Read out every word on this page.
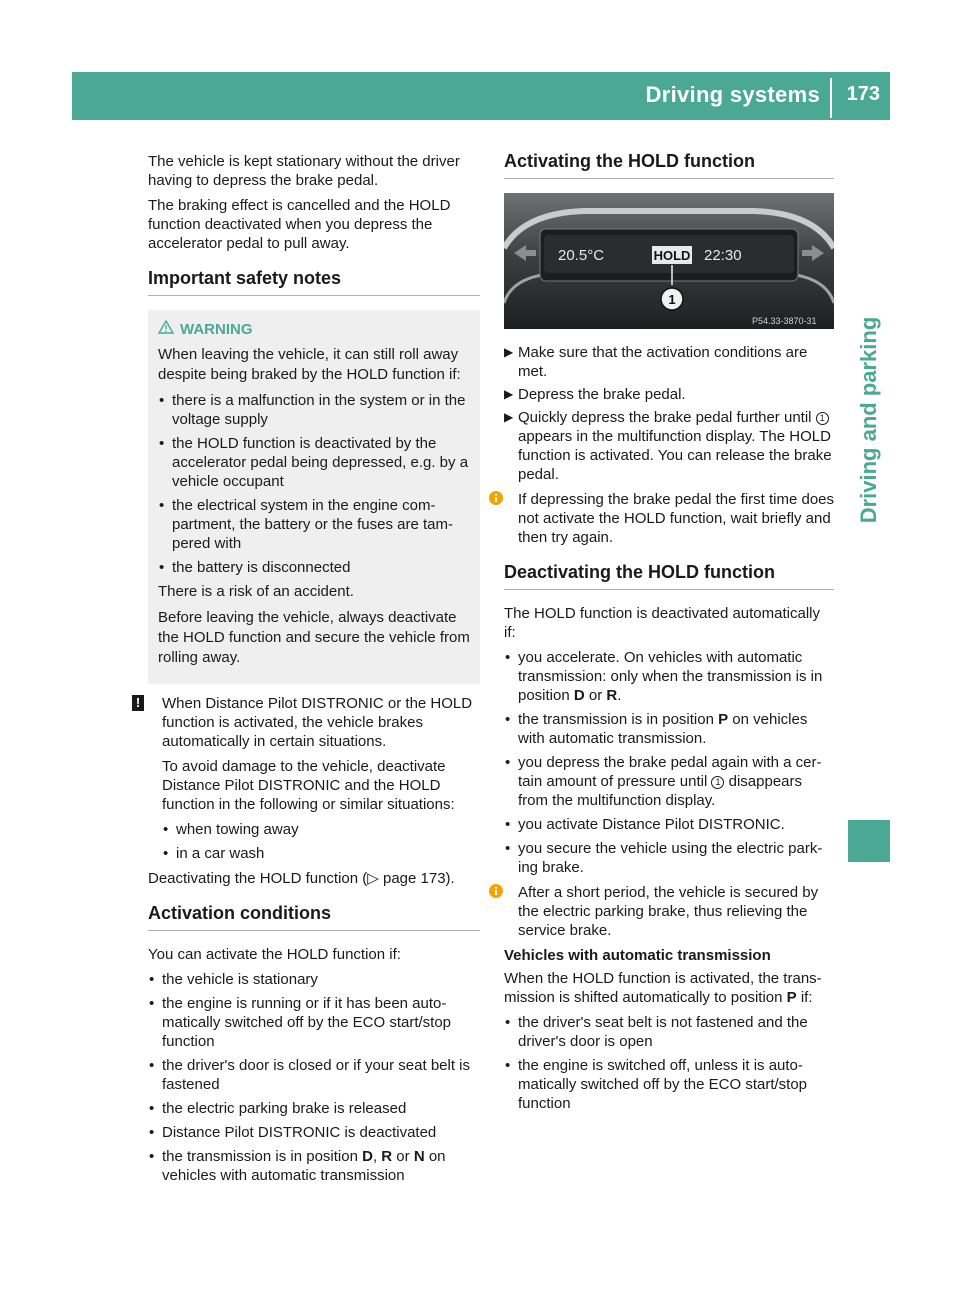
Driving systems 173
Driving and parking

The vehicle is kept stationary without the driver having to depress the brake pedal.

The braking effect is cancelled and the HOLD function deactivated when you depress the accelerator pedal to pull away.

Important safety notes
WARNING

When leaving the vehicle, it can still roll away despite being braked by the HOLD function if:

• there is a malfunction in the system or in the voltage supply
• the HOLD function is deactivated by the accelerator pedal being depressed, e.g. by a vehicle occupant
• the electrical system in the engine com-partment, the battery or the fuses are tam-pered with
• the battery is disconnected

There is a risk of an accident.

Before leaving the vehicle, always deactivate the HOLD function and secure the vehicle from rolling away.

! When Distance Pilot DISTRONIC or the HOLD function is activated, the vehicle brakes automatically in certain situations.

To avoid damage to the vehicle, deactivate Distance Pilot DISTRONIC and the HOLD function in the following or similar situations:

• when towing away
• in a car wash

Deactivating the HOLD function (▷ page 173).

Activation conditions

You can activate the HOLD function if:

• the vehicle is stationary
• the engine is running or if it has been auto-matically switched off by the ECO start/stop function
• the driver's door is closed or if your seat belt is fastened
• the electric parking brake is released
• Distance Pilot DISTRONIC is deactivated
• the transmission is in position D, R or N on vehicles with automatic transmission
Activating the HOLD function
20.5°C	HOLD 22:30
1
P54.33-3870-31
▶ Make sure that the activation conditions are met.
▶ Depress the brake pedal.
▶ Quickly depress the brake pedal further until 1 appears in the multifunction display. The HOLD function is activated. You can release the brake pedal.

If depressing the brake pedal the first time does not activate the HOLD function, wait briefly and then try again.

Deactivating the HOLD function

The HOLD function is deactivated automatically if:

• you accelerate. On vehicles with automatic transmission: only when the transmission is in position D or R.
• the transmission is in position P on vehicles with automatic transmission.
• you depress the brake pedal again with a cer-tain amount of pressure until 1 disappears from the multifunction display.
• you activate Distance Pilot DISTRONIC.
• you secure the vehicle using the electric park-ing brake.

After a short period, the vehicle is secured by the electric parking brake, thus relieving the service brake.

Vehicles with automatic transmission

When the HOLD function is activated, the trans-mission is shifted automatically to position P if:

• the driver's seat belt is not fastened and the driver's door is open
• the engine is switched off, unless it is auto-matically switched off by the ECO start/stop function
